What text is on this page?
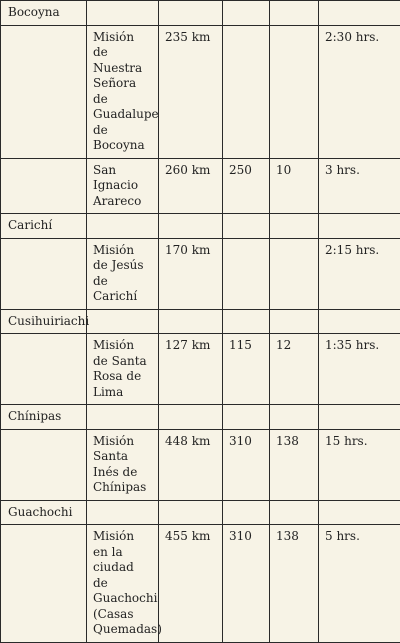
Bocoyna					
	Misión de Nuestra Señora de Guadalupe de Bocoyna	235 km			2:30 hrs.
	San Ignacio Arareco	260 km	250	10	3 hrs.
Carichí					
	Misión de Jesús de Carichí	170 km			2:15 hrs.
Cusihuiriachi					
	Misión de Santa Rosa de Lima	127 km	115	12	1:35 hrs.
Chínipas					
	Misión Santa Inés de Chínipas	448 km	310	138	15 hrs.
Guachochi					
	Misión en la ciudad de Guachochi (Casas Quemadas)	455 km	310	138	5 hrs.
